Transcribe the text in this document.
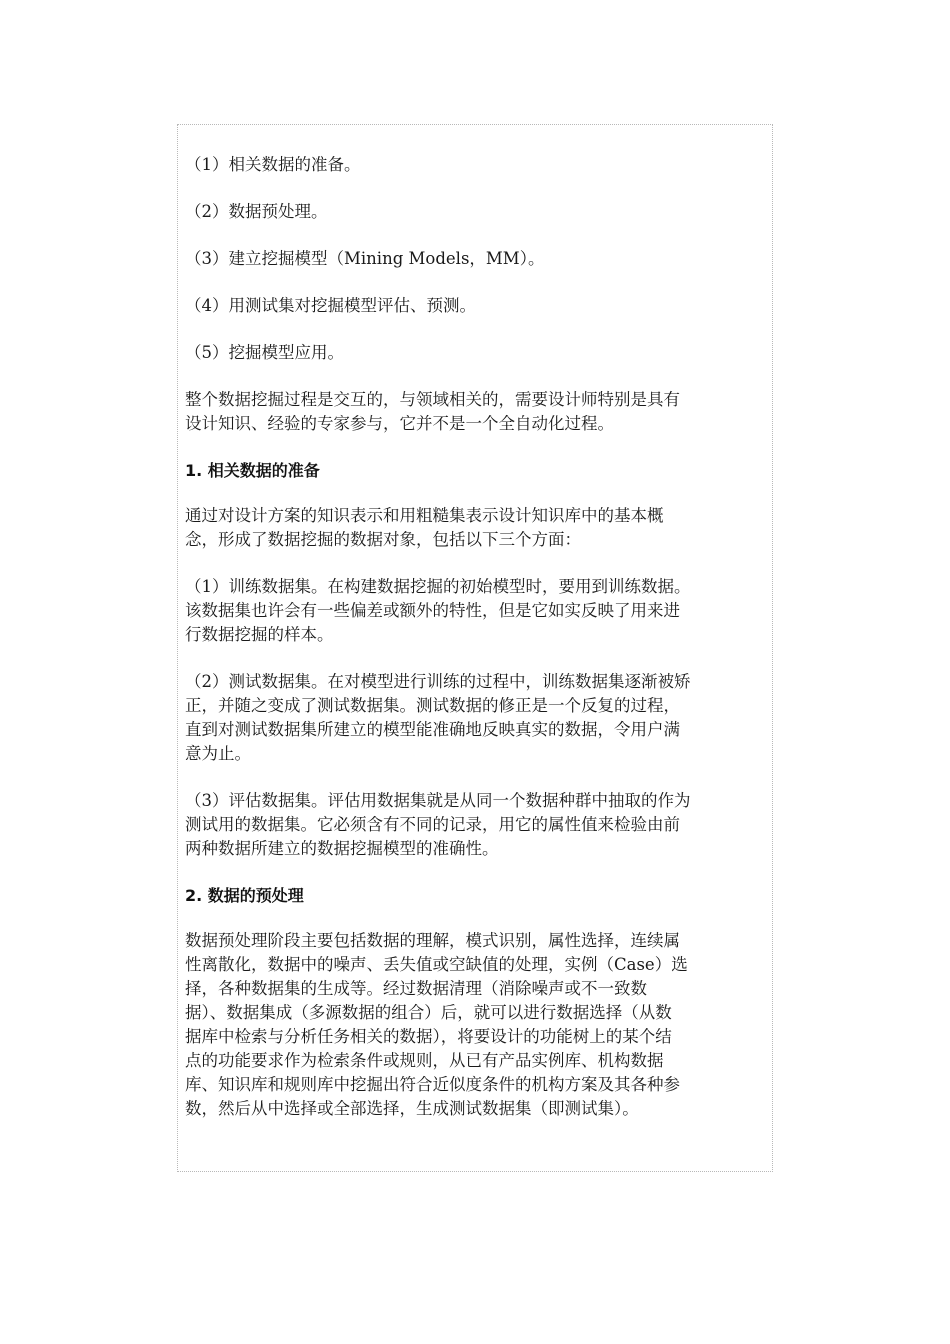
（1）相关数据的准备。

（2）数据预处理。

（3）建立挖掘模型（Mining Models，MM）。

（4）用测试集对挖掘模型评估、预测。

（5）挖掘模型应用。

整个数据挖掘过程是交互的，与领域相关的，需要设计师特别是具有

设计知识、经验的专家参与，它并不是一个全自动化过程。

1. 相关数据的准备

通过对设计方案的知识表示和用粗糙集表示设计知识库中的基本概

念，形成了数据挖掘的数据对象，包括以下三个方面：

（1）训练数据集。在构建数据挖掘的初始模型时，要用到训练数据。

该数据集也许会有一些偏差或额外的特性，但是它如实反映了用来进

行数据挖掘的样本。

（2）测试数据集。在对模型进行训练的过程中，训练数据集逐渐被矫

正，并随之变成了测试数据集。测试数据的修正是一个反复的过程，

直到对测试数据集所建立的模型能准确地反映真实的数据，令用户满

意为止。

（3）评估数据集。评估用数据集就是从同一个数据种群中抽取的作为

测试用的数据集。它必须含有不同的记录，用它的属性值来检验由前

两种数据所建立的数据挖掘模型的准确性。

2. 数据的预处理

数据预处理阶段主要包括数据的理解，模式识别，属性选择，连续属

性离散化，数据中的噪声、丢失值或空缺值的处理，实例（Case）选

择，各种数据集的生成等。经过数据清理（消除噪声或不一致数

据）、数据集成（多源数据的组合）后，就可以进行数据选择（从数

据库中检索与分析任务相关的数据），将要设计的功能树上的某个结

点的功能要求作为检索条件或规则，从已有产品实例库、机构数据

库、知识库和规则库中挖掘出符合近似度条件的机构方案及其各种参

数，然后从中选择或全部选择，生成测试数据集（即测试集）。
